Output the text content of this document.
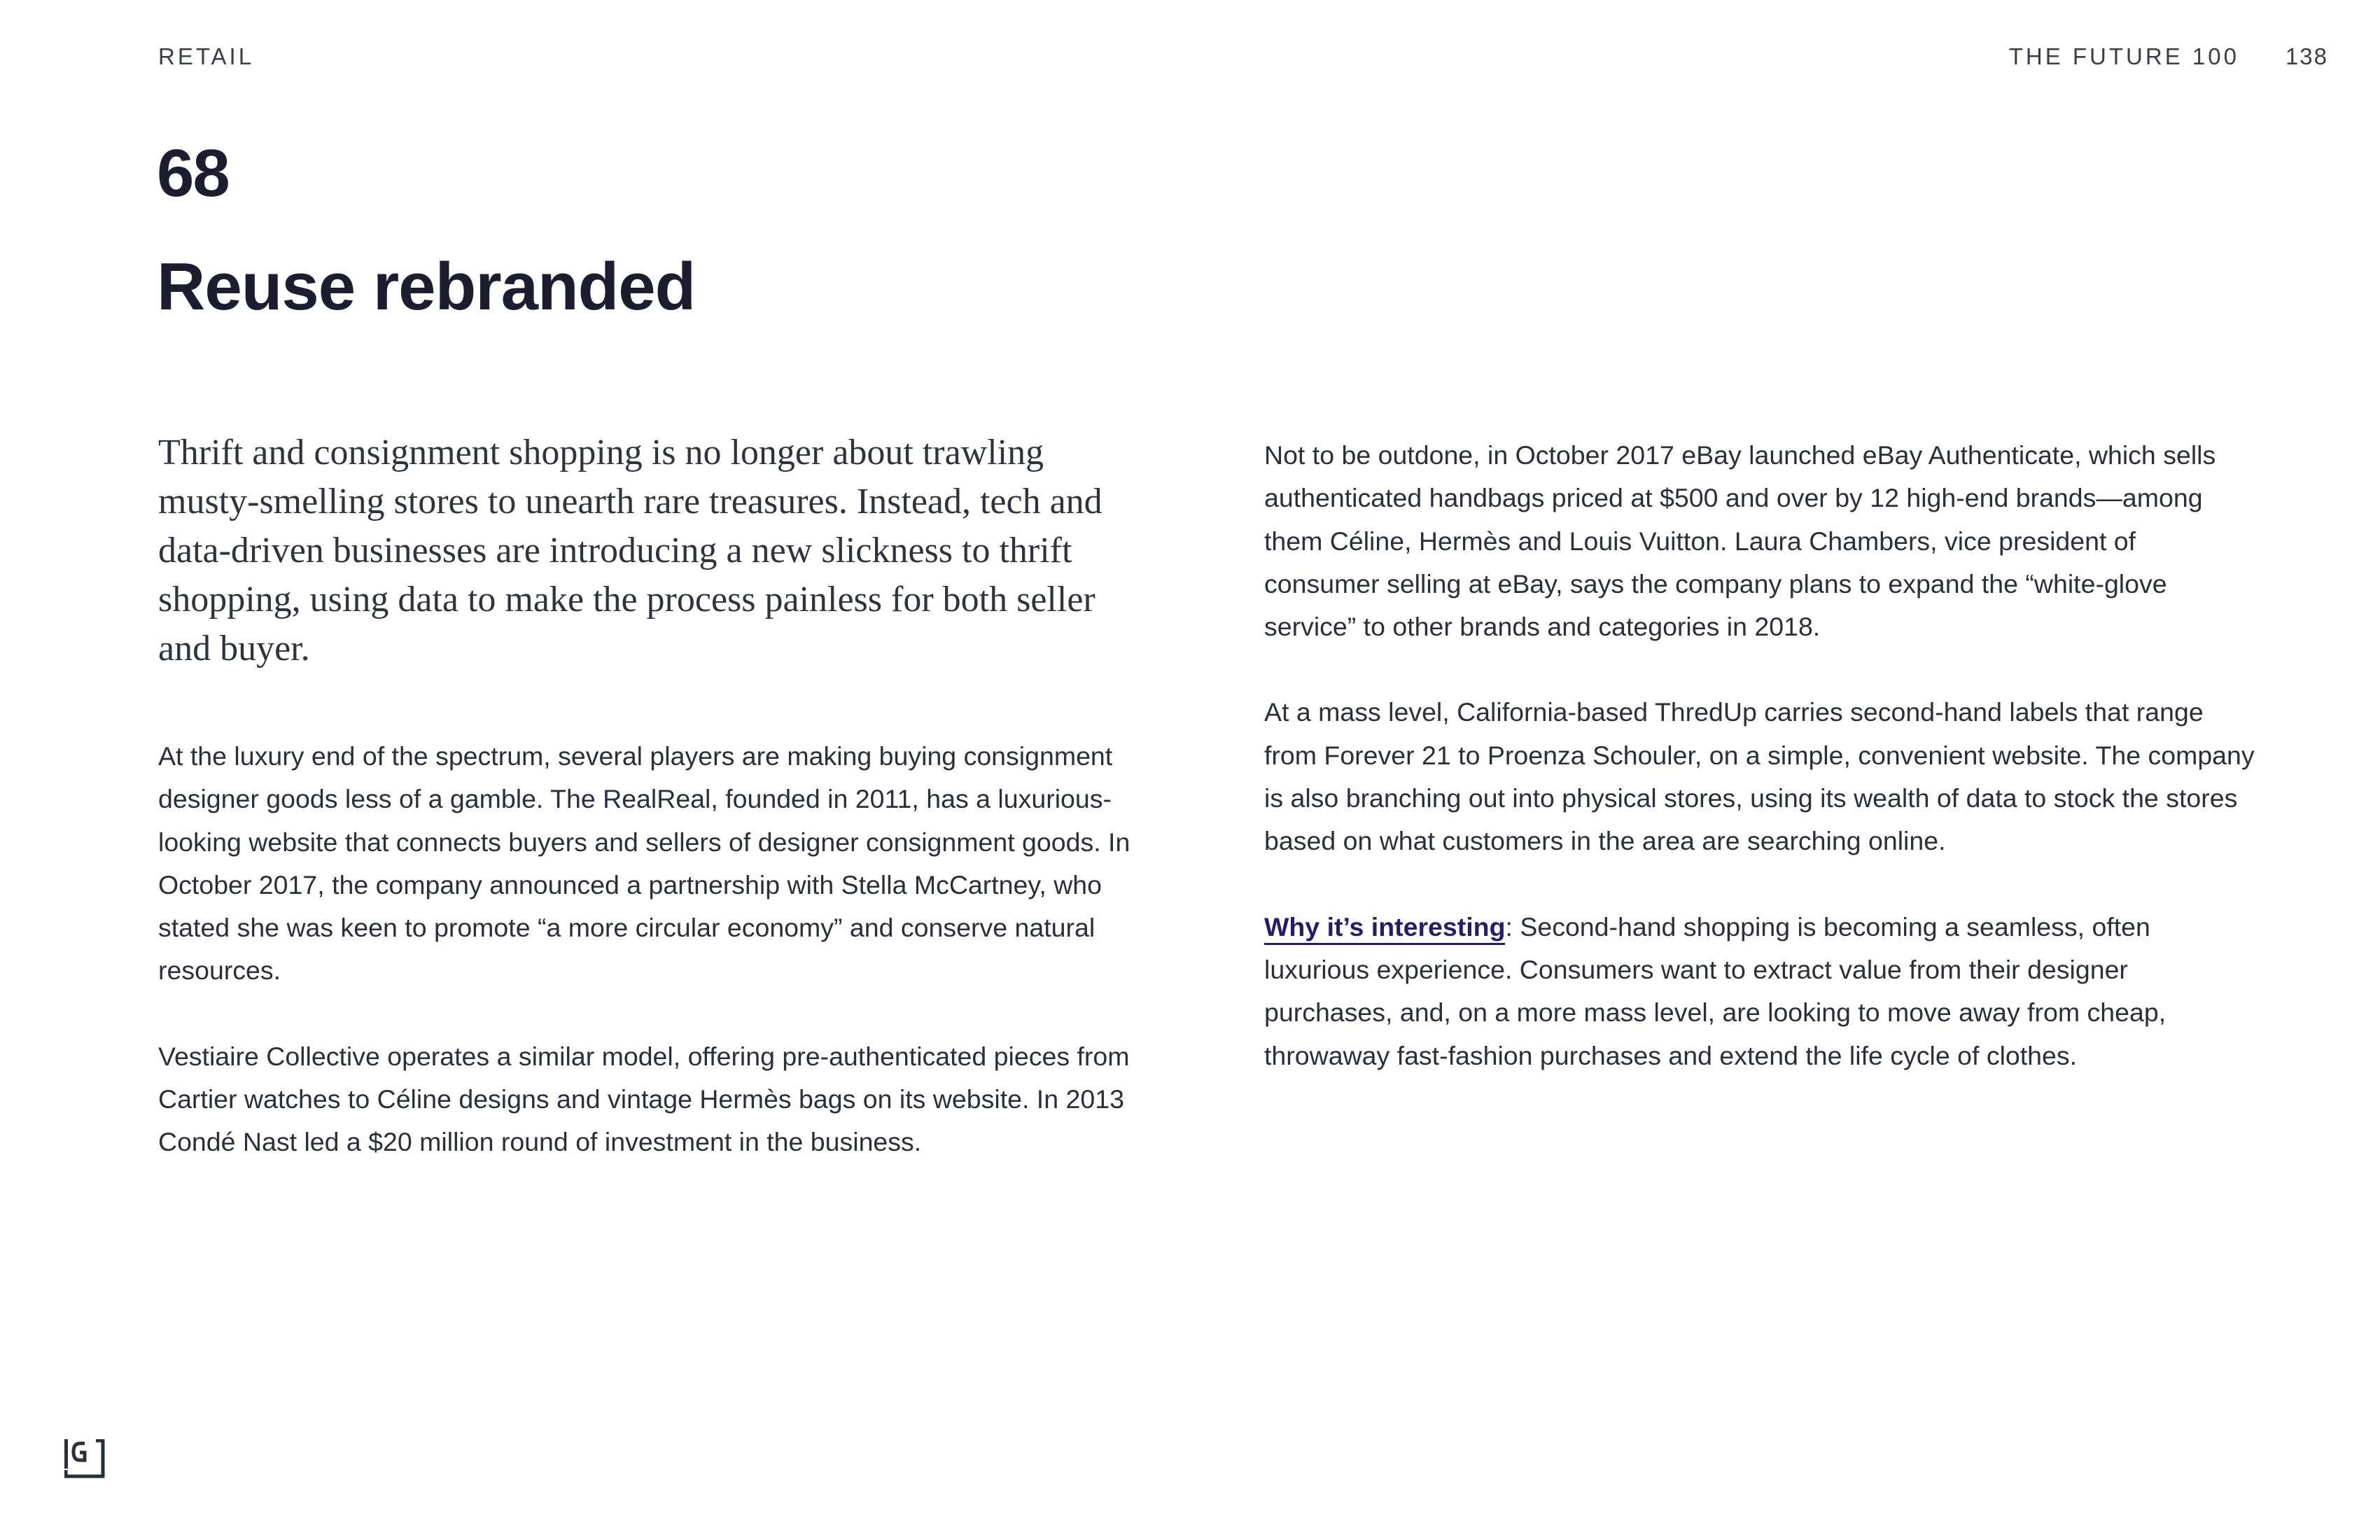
RETAIL	THE FUTURE 100 138
68
Reuse rebranded

Thrift and consignment shopping is no longer about trawling musty-smelling stores to unearth rare treasures. Instead, tech and data-driven businesses are introducing a new slickness to thrift shopping, using data to make the process painless for both seller and buyer.

At the luxury end of the spectrum, several players are making buying consignment designer goods less of a gamble. The RealReal, founded in 2011, has a luxurious-looking website that connects buyers and sellers of designer consignment goods. In October 2017, the company announced a partnership with Stella McCartney, who stated she was keen to promote “a more circular economy” and conserve natural resources.

Vestiaire Collective operates a similar model, offering pre-authenticated pieces from Cartier watches to Céline designs and vintage Hermès bags on its website. In 2013 Condé Nast led a $20 million round of investment in the business.

Not to be outdone, in October 2017 eBay launched eBay Authenticate, which sells authenticated handbags priced at $500 and over by 12 high-end brands—among them Céline, Hermès and Louis Vuitton. Laura Chambers, vice president of consumer selling at eBay, says the company plans to expand the “white-glove service” to other brands and categories in 2018.

At a mass level, California-based ThredUp carries second-hand labels that range from Forever 21 to Proenza Schouler, on a simple, convenient website. The company is also branching out into physical stores, using its wealth of data to stock the stores based on what customers in the area are searching online.

Why it’s interesting: Second-hand shopping is becoming a seamless, often luxurious experience. Consumers want to extract value from their designer purchases, and, on a more mass level, are looking to move away from cheap, throwaway fast-fashion purchases and extend the life cycle of clothes.
